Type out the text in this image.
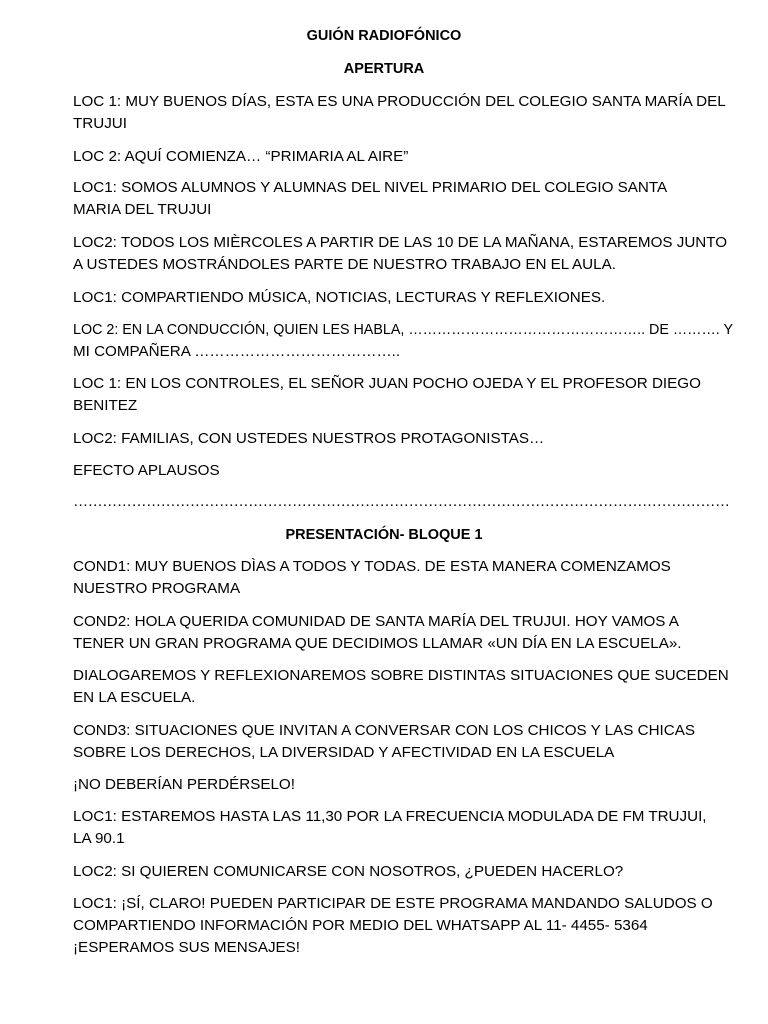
GUIÓN RADIOFÓNICO
APERTURA
LOC 1: MUY BUENOS DÍAS, ESTA ES UNA PRODUCCIÓN DEL COLEGIO SANTA MARÍA DEL
TRUJUI
LOC 2: AQUÍ COMIENZA… “PRIMARIA AL AIRE”
LOC1: SOMOS ALUMNOS Y ALUMNAS DEL NIVEL PRIMARIO DEL COLEGIO SANTA
MARIA DEL TRUJUI
LOC2: TODOS LOS MIÈRCOLES A PARTIR DE LAS 10 DE LA MAÑANA, ESTAREMOS JUNTO
A USTEDES MOSTRÁNDOLES PARTE DE NUESTRO TRABAJO EN EL AULA.
LOC1: COMPARTIENDO MÚSICA, NOTICIAS, LECTURAS Y REFLEXIONES.
LOC 2: EN LA CONDUCCIÓN, QUIEN LES HABLA, ………………………………………….. DE ………. Y
MI COMPAÑERA …………………………………..
LOC 1: EN LOS CONTROLES, EL SEÑOR JUAN POCHO OJEDA Y EL PROFESOR DIEGO
BENITEZ
LOC2: FAMILIAS, CON USTEDES NUESTROS PROTAGONISTAS…
EFECTO APLAUSOS
………………………………………………………………………………………………………………………
PRESENTACIÓN- BLOQUE 1
COND1: MUY BUENOS DÌAS A TODOS Y TODAS. DE ESTA MANERA COMENZAMOS
NUESTRO PROGRAMA
COND2: HOLA QUERIDA COMUNIDAD DE SANTA MARÍA DEL TRUJUI. HOY VAMOS A
TENER UN GRAN PROGRAMA QUE DECIDIMOS LLAMAR «UN DÍA EN LA ESCUELA».
DIALOGAREMOS Y REFLEXIONAREMOS SOBRE DISTINTAS SITUACIONES QUE SUCEDEN
EN LA ESCUELA.
COND3: SITUACIONES QUE INVITAN A CONVERSAR CON LOS CHICOS Y LAS CHICAS
SOBRE LOS DERECHOS, LA DIVERSIDAD Y AFECTIVIDAD EN LA ESCUELA
¡NO DEBERÍAN PERDÉRSELO!
LOC1: ESTAREMOS HASTA LAS 11,30 POR LA FRECUENCIA MODULADA DE FM TRUJUI,
LA 90.1
LOC2: SI QUIEREN COMUNICARSE CON NOSOTROS, ¿PUEDEN HACERLO?
LOC1: ¡SÍ, CLARO! PUEDEN PARTICIPAR DE ESTE PROGRAMA MANDANDO SALUDOS O
COMPARTIENDO INFORMACIÓN POR MEDIO DEL WHATSAPP AL 11- 4455- 5364
¡ESPERAMOS SUS MENSAJES!
